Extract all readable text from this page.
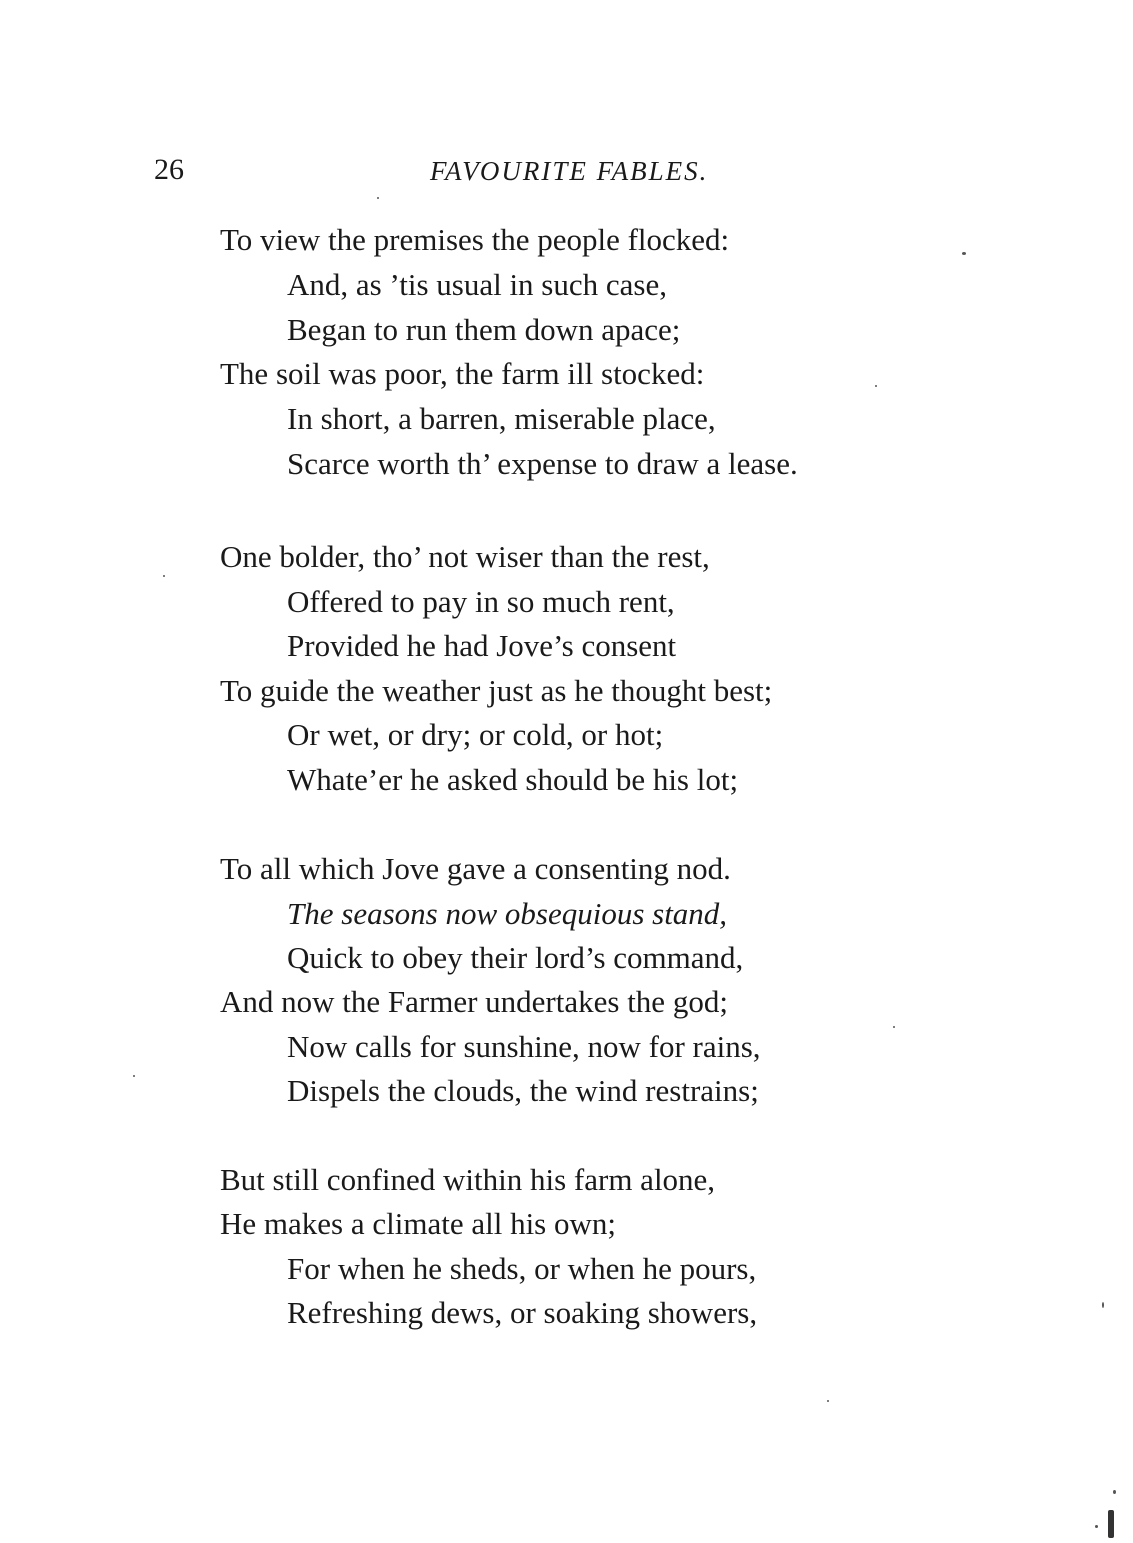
26	FAVOURITE FABLES.
To view the premises the people flocked:
And, as ’tis usual in such case,
Began to run them down apace;
The soil was poor, the farm ill stocked:
In short, a barren, miserable place,
Scarce worth th’ expense to draw a lease.
One bolder, tho’ not wiser than the rest,
Offered to pay in so much rent,
Provided he had Jove’s consent
To guide the weather just as he thought best;
Or wet, or dry; or cold, or hot;
Whate’er he asked should be his lot;
To all which Jove gave a consenting nod.
The seasons now obsequious stand,
Quick to obey their lord’s command,
And now the Farmer undertakes the god;
Now calls for sunshine, now for rains,
Dispels the clouds, the wind restrains;
But still confined within his farm alone,
He makes a climate all his own;
For when he sheds, or when he pours,
Refreshing dews, or soaking showers,
